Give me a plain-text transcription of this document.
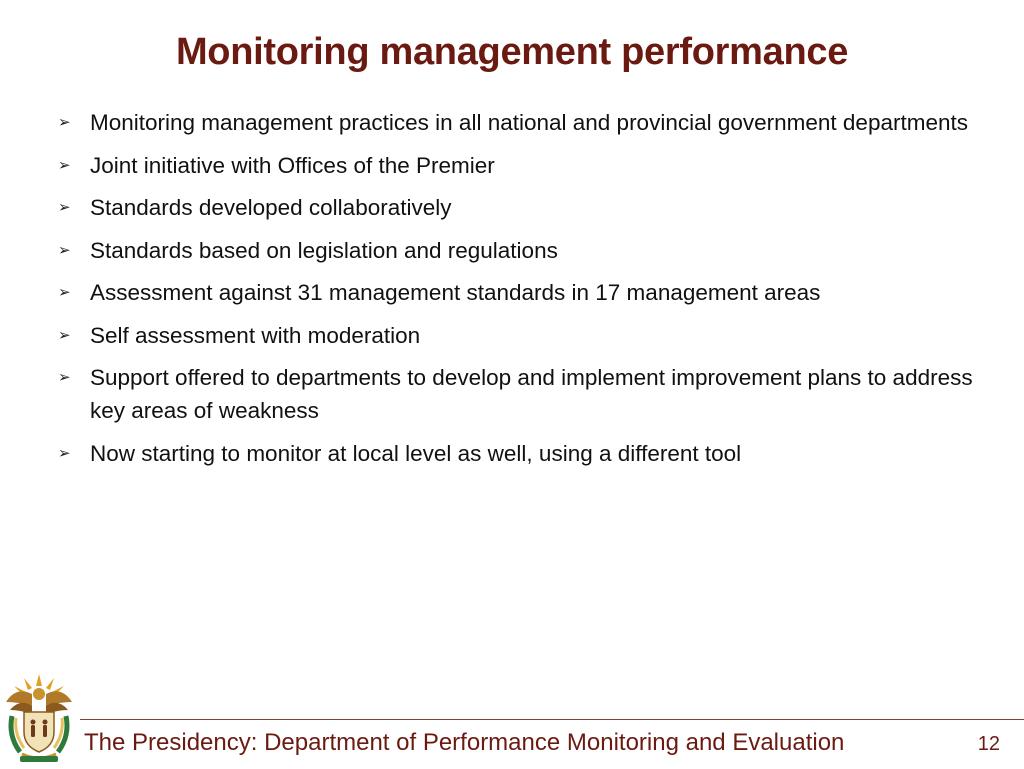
Monitoring management performance
➢ Monitoring management practices in all national and provincial government departments
➢ Joint initiative with Offices of the Premier
➢ Standards developed collaboratively
➢ Standards based on legislation and regulations
➢ Assessment against 31 management standards in 17 management areas
➢ Self assessment with moderation
➢ Support offered to departments to develop and implement improvement plans to address key areas of weakness
➢ Now starting to monitor at local level as well, using a different tool
The Presidency: Department of Performance Monitoring and Evaluation	12
